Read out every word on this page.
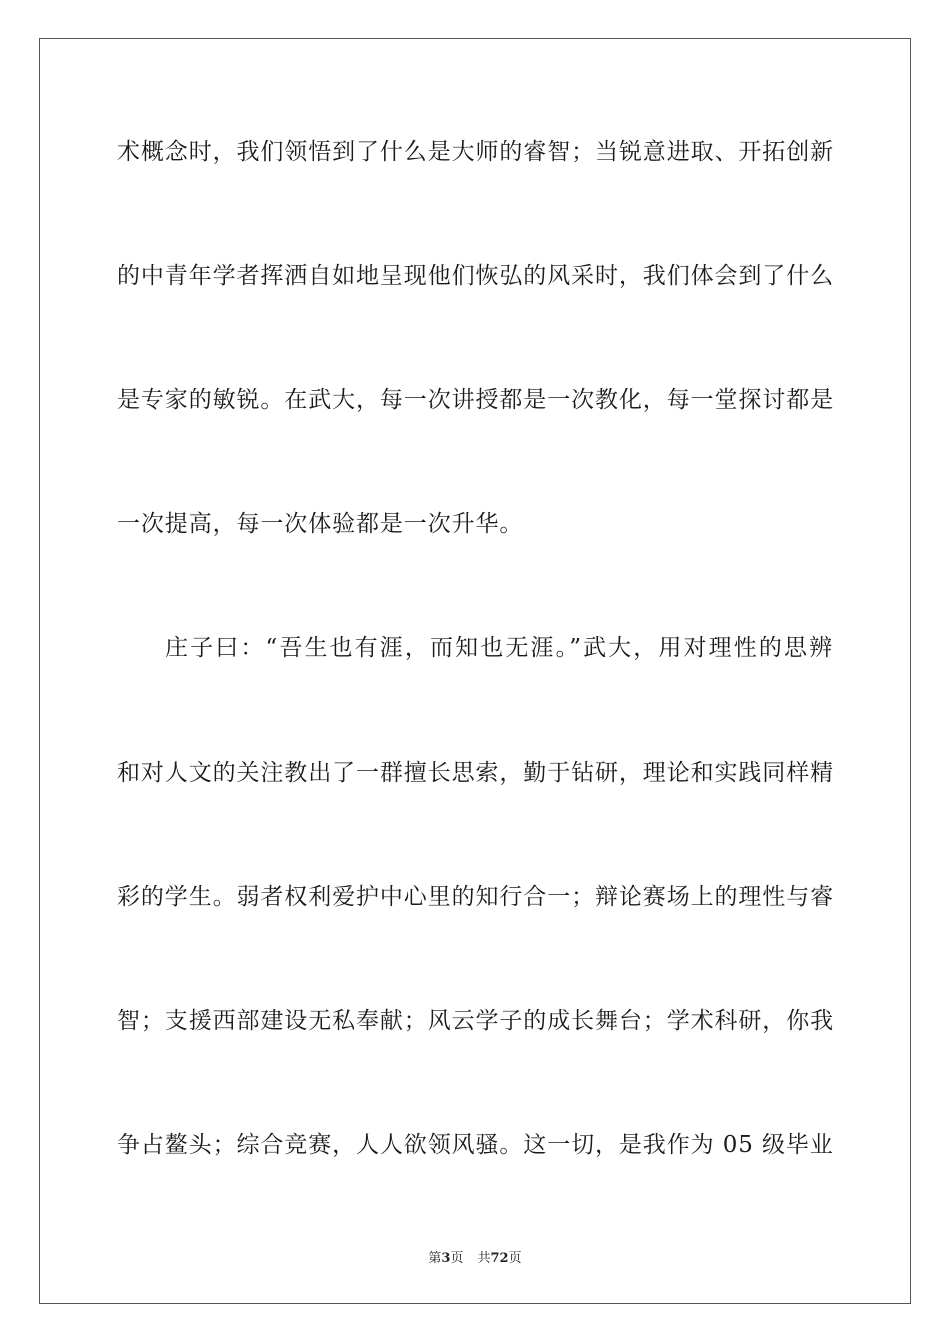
术概念时，我们领悟到了什么是大师的睿智；当锐意进取、开拓创新
的中青年学者挥洒自如地呈现他们恢弘的风采时，我们体会到了什么
是专家的敏锐。在武大，每一次讲授都是一次教化，每一堂探讨都是
一次提高，每一次体验都是一次升华。
庄子曰：“吾生也有涯，而知也无涯。”武大，用对理性的思辨
和对人文的关注教出了一群擅长思索，勤于钻研，理论和实践同样精
彩的学生。弱者权利爱护中心里的知行合一；辩论赛场上的理性与睿
智；支援西部建设无私奉献；风云学子的成长舞台；学术科研，你我
争占鳌头；综合竞赛，人人欲领风骚。这一切，是我作为 05 级毕业
第3页 共72页
